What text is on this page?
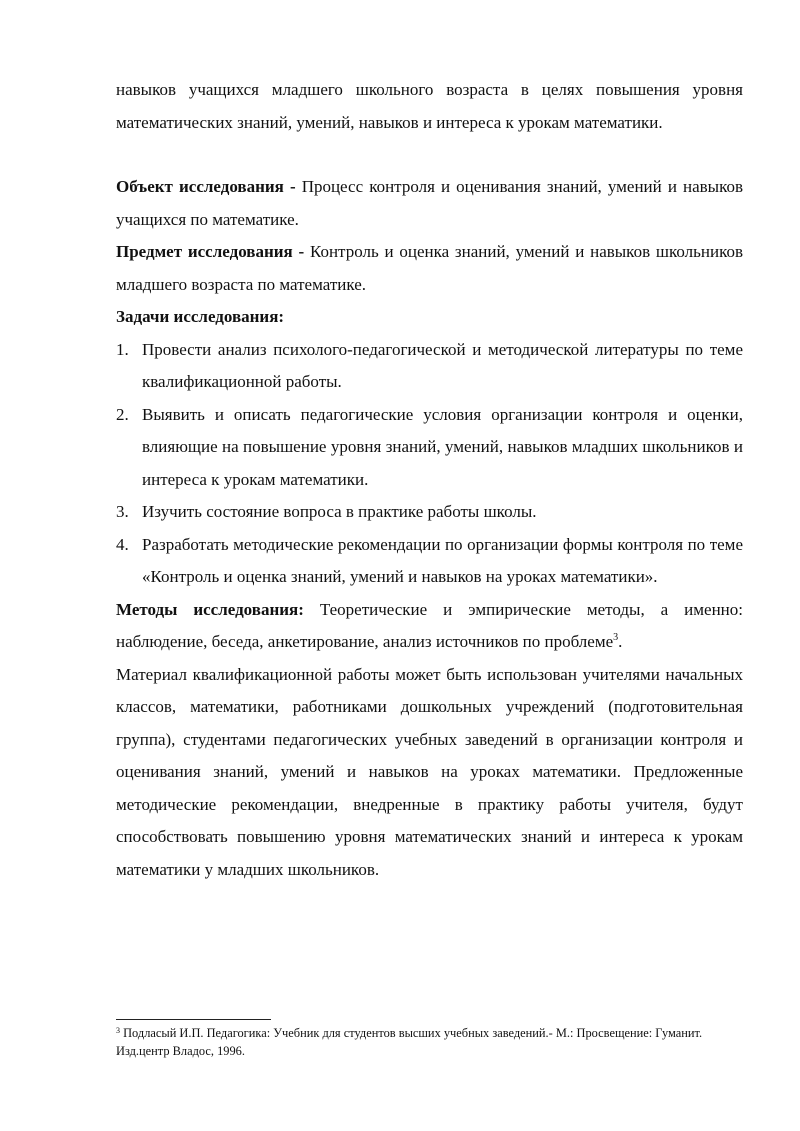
навыков учащихся младшего школьного возраста в целях повышения уровня математических знаний, умений, навыков и интереса к урокам математики.

Объект исследования - Процесс контроля и оценивания знаний, умений и навыков учащихся по математике.

Предмет исследования - Контроль и оценка знаний, умений и навыков школьников младшего возраста по математике.

Задачи исследования:

1. Провести анализ психолого-педагогической и методической литературы по теме квалификационной работы.
2. Выявить и описать педагогические условия организации контроля и оценки, влияющие на повышение уровня знаний, умений, навыков младших школьников и интереса к урокам математики.
3. Изучить состояние вопроса в практике работы школы.
4. Разработать методические рекомендации по организации формы контроля по теме «Контроль и оценка знаний, умений и навыков на уроках математики».

Методы исследования: Теоретические и эмпирические методы, а именно: наблюдение, беседа, анкетирование, анализ источников по проблеме$^3$.

Материал квалификационной работы может быть использован учителями начальных классов, математики, работниками дошкольных учреждений (подготовительная группа), студентами педагогических учебных заведений в организации контроля и оценивания знаний, умений и навыков на уроках математики. Предложенные методические рекомендации, внедренные в практику работы учителя, будут способствовать повышению уровня математических знаний и интереса к урокам математики у младших школьников.

$^3$ Подласый И.П. Педагогика: Учебник для студентов высших учебных заведений.- М.: Просвещение: Гуманит. Изд.центр Владос, 1996.
